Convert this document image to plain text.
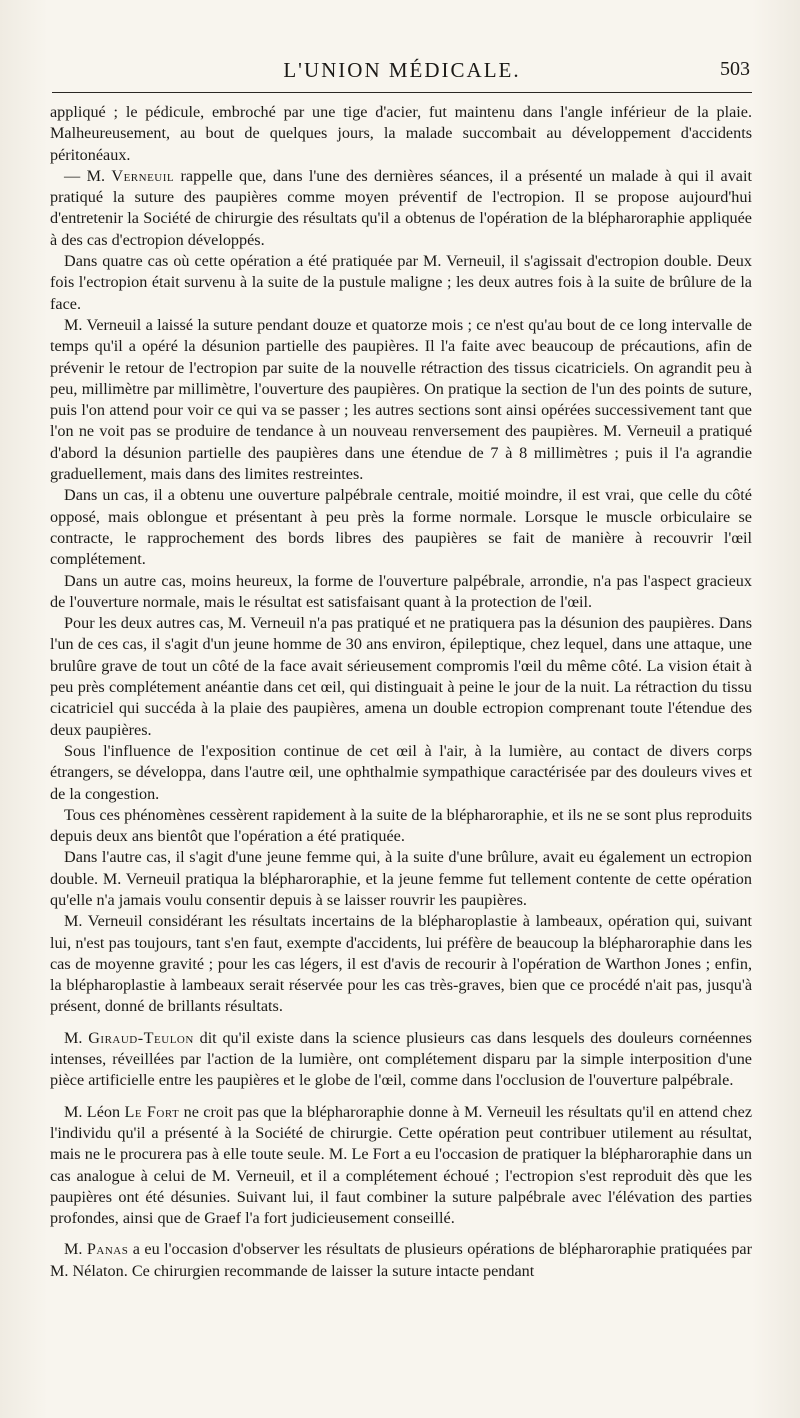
L'UNION MÉDICALE.	503

appliqué ; le pédicule, embroché par une tige d'acier, fut maintenu dans l'angle inférieur de la plaie. Malheureusement, au bout de quelques jours, la malade succombait au développement d'accidents péritonéaux.

— M. Verneuil rappelle que, dans l'une des dernières séances, il a présenté un malade à qui il avait pratiqué la suture des paupières comme moyen préventif de l'ectropion. Il se propose aujourd'hui d'entretenir la Société de chirurgie des résultats qu'il a obtenus de l'opération de la blépharoraphie appliquée à des cas d'ectropion développés.

Dans quatre cas où cette opération a été pratiquée par M. Verneuil, il s'agissait d'ectropion double. Deux fois l'ectropion était survenu à la suite de la pustule maligne ; les deux autres fois à la suite de brûlure de la face.

M. Verneuil a laissé la suture pendant douze et quatorze mois ; ce n'est qu'au bout de ce long intervalle de temps qu'il a opéré la désunion partielle des paupières. Il l'a faite avec beaucoup de précautions, afin de prévenir le retour de l'ectropion par suite de la nouvelle rétraction des tissus cicatriciels. On agrandit peu à peu, millimètre par millimètre, l'ouverture des paupières. On pratique la section de l'un des points de suture, puis l'on attend pour voir ce qui va se passer ; les autres sections sont ainsi opérées successivement tant que l'on ne voit pas se produire de tendance à un nouveau renversement des paupières. M. Verneuil a pratiqué d'abord la désunion partielle des paupières dans une étendue de 7 à 8 millimètres ; puis il l'a agrandie graduellement, mais dans des limites restreintes.

Dans un cas, il a obtenu une ouverture palpébrale centrale, moitié moindre, il est vrai, que celle du côté opposé, mais oblongue et présentant à peu près la forme normale. Lorsque le muscle orbiculaire se contracte, le rapprochement des bords libres des paupières se fait de manière à recouvrir l'œil complétement.

Dans un autre cas, moins heureux, la forme de l'ouverture palpébrale, arrondie, n'a pas l'aspect gracieux de l'ouverture normale, mais le résultat est satisfaisant quant à la protection de l'œil.

Pour les deux autres cas, M. Verneuil n'a pas pratiqué et ne pratiquera pas la désunion des paupières. Dans l'un de ces cas, il s'agit d'un jeune homme de 30 ans environ, épileptique, chez lequel, dans une attaque, une brulûre grave de tout un côté de la face avait sérieusement compromis l'œil du même côté. La vision était à peu près complétement anéantie dans cet œil, qui distinguait à peine le jour de la nuit. La rétraction du tissu cicatriciel qui succéda à la plaie des paupières, amena un double ectropion comprenant toute l'étendue des deux paupières.

Sous l'influence de l'exposition continue de cet œil à l'air, à la lumière, au contact de divers corps étrangers, se développa, dans l'autre œil, une ophthalmie sympathique caractérisée par des douleurs vives et de la congestion.

Tous ces phénomènes cessèrent rapidement à la suite de la blépharoraphie, et ils ne se sont plus reproduits depuis deux ans bientôt que l'opération a été pratiquée.

Dans l'autre cas, il s'agit d'une jeune femme qui, à la suite d'une brûlure, avait eu également un ectropion double. M. Verneuil pratiqua la blépharoraphie, et la jeune femme fut tellement contente de cette opération qu'elle n'a jamais voulu consentir depuis à se laisser rouvrir les paupières.

M. Verneuil considérant les résultats incertains de la blépharoplastie à lambeaux, opération qui, suivant lui, n'est pas toujours, tant s'en faut, exempte d'accidents, lui préfère de beaucoup la blépharoraphie dans les cas de moyenne gravité ; pour les cas légers, il est d'avis de recourir à l'opération de Warthon Jones ; enfin, la blépharoplastie à lambeaux serait réservée pour les cas très-graves, bien que ce procédé n'ait pas, jusqu'à présent, donné de brillants résultats.

M. Giraud-Teulon dit qu'il existe dans la science plusieurs cas dans lesquels des douleurs cornéennes intenses, réveillées par l'action de la lumière, ont complétement disparu par la simple interposition d'une pièce artificielle entre les paupières et le globe de l'œil, comme dans l'occlusion de l'ouverture palpébrale.

M. Léon Le Fort ne croit pas que la blépharoraphie donne à M. Verneuil les résultats qu'il en attend chez l'individu qu'il a présenté à la Société de chirurgie. Cette opération peut contribuer utilement au résultat, mais ne le procurera pas à elle toute seule. M. Le Fort a eu l'occasion de pratiquer la blépharoraphie dans un cas analogue à celui de M. Verneuil, et il a complétement échoué ; l'ectropion s'est reproduit dès que les paupières ont été désunies. Suivant lui, il faut combiner la suture palpébrale avec l'élévation des parties profondes, ainsi que de Graef l'a fort judicieusement conseillé.

M. Panas a eu l'occasion d'observer les résultats de plusieurs opérations de blépharoraphie pratiquées par M. Nélaton. Ce chirurgien recommande de laisser la suture intacte pendant
